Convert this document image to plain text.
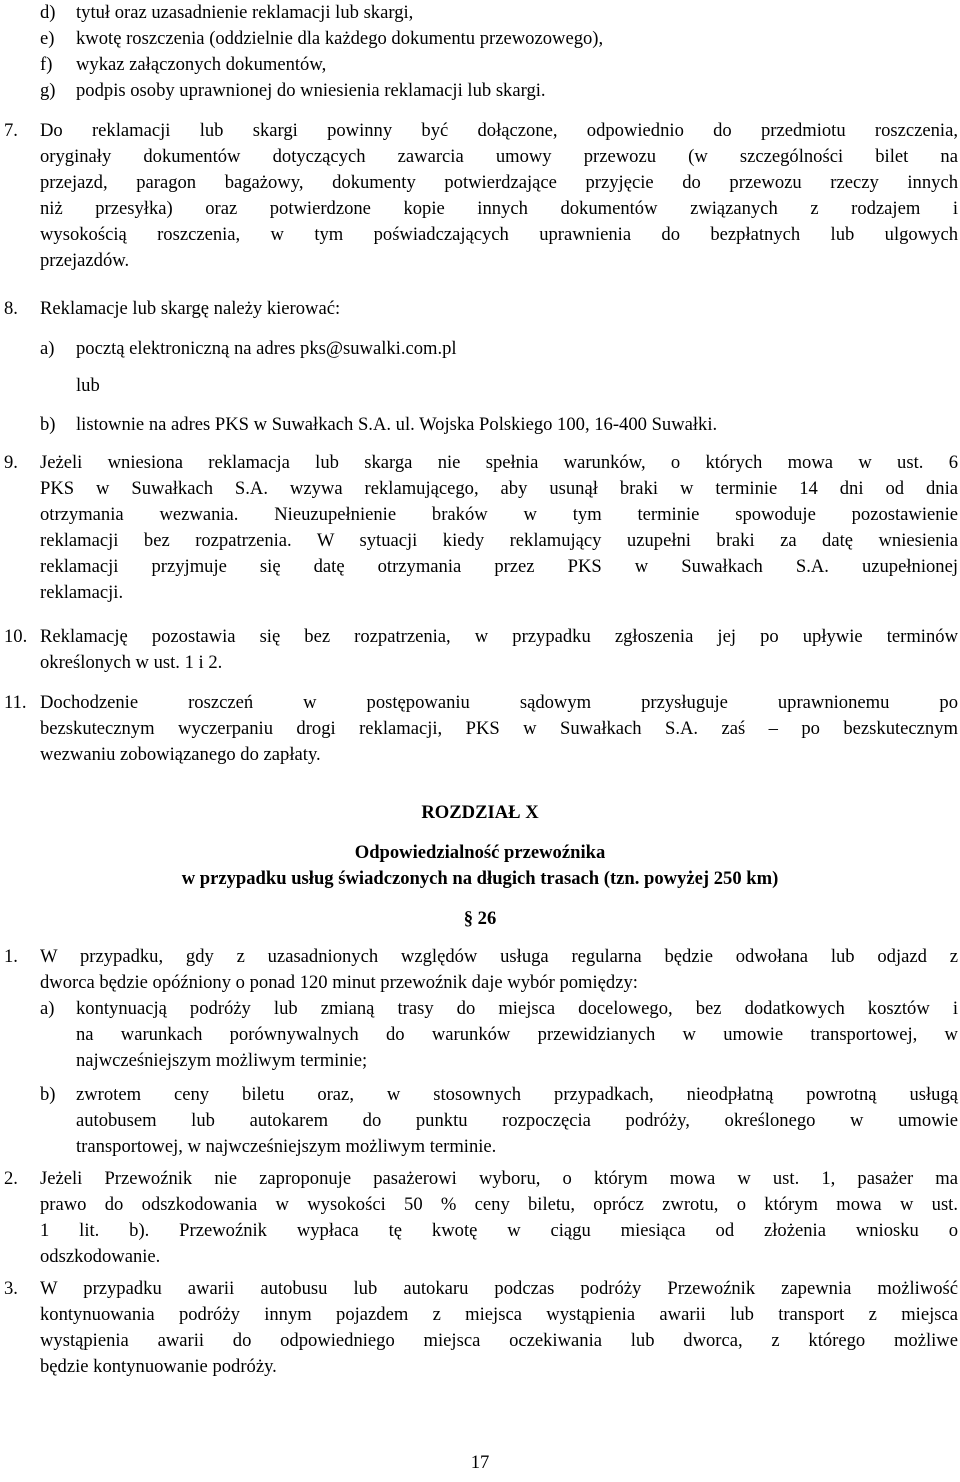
d) tytuł oraz uzasadnienie reklamacji lub skargi,
e) kwotę roszczenia (oddzielnie dla każdego dokumentu przewozowego),
f) wykaz załączonych dokumentów,
g) podpis osoby uprawnionej do wniesienia reklamacji lub skargi.
7. Do reklamacji lub skargi powinny być dołączone, odpowiednio do przedmiotu roszczenia,
oryginały dokumentów dotyczących zawarcia umowy przewozu (w szczególności bilet na
przejazd, paragon bagażowy, dokumenty potwierdzające przyjęcie do przewozu rzeczy innych
niż przesyłka) oraz potwierdzone kopie innych dokumentów związanych z rodzajem i
wysokością roszczenia, w tym poświadczających uprawnienia do bezpłatnych lub ulgowych
przejazdów.
8. Reklamacje lub skargę należy kierować:
a) pocztą elektroniczną na adres pks@suwalki.com.pl
lub
b) listownie na adres PKS w Suwałkach S.A. ul. Wojska Polskiego 100, 16-400 Suwałki.
9. Jeżeli wniesiona reklamacja lub skarga nie spełnia warunków, o których mowa w ust. 6
PKS w Suwałkach S.A. wzywa reklamującego, aby usunął braki w terminie 14 dni od dnia
otrzymania wezwania. Nieuzupełnienie braków w tym terminie spowoduje pozostawienie
reklamacji bez rozpatrzenia. W sytuacji kiedy reklamujący uzupełni braki za datę wniesienia
reklamacji przyjmuje się datę otrzymania przez PKS w Suwałkach S.A. uzupełnionej
reklamacji.
10. Reklamację pozostawia się bez rozpatrzenia, w przypadku zgłoszenia jej po upływie terminów
określonych w ust. 1 i 2.
11. Dochodzenie roszczeń w postępowaniu sądowym przysługuje uprawnionemu po
bezskutecznym wyczerpaniu drogi reklamacji, PKS w Suwałkach S.A. zaś – po bezskutecznym
wezwaniu zobowiązanego do zapłaty.
ROZDZIAŁ X
Odpowiedzialność przewoźnika
w przypadku usług świadczonych na długich trasach (tzn. powyżej 250 km)
§ 26
1. W przypadku, gdy z uzasadnionych względów usługa regularna będzie odwołana lub odjazd z
dworca będzie opóźniony o ponad 120 minut przewoźnik daje wybór pomiędzy:
a) kontynuacją podróży lub zmianą trasy do miejsca docelowego, bez dodatkowych kosztów i
na warunkach porównywalnych do warunków przewidzianych w umowie transportowej, w
najwcześniejszym możliwym terminie;
b) zwrotem ceny biletu oraz, w stosownych przypadkach, nieodpłatną powrotną usługą
autobusem lub autokarem do punktu rozpoczęcia podróży, określonego w umowie
transportowej, w najwcześniejszym możliwym terminie.
2. Jeżeli Przewoźnik nie zaproponuje pasażerowi wyboru, o którym mowa w ust. 1, pasażer ma
prawo do odszkodowania w wysokości 50 % ceny biletu, oprócz zwrotu, o którym mowa w ust.
1 lit. b). Przewoźnik wypłaca tę kwotę w ciągu miesiąca od złożenia wniosku o
odszkodowanie.
3. W przypadku awarii autobusu lub autokaru podczas podróży Przewoźnik zapewnia możliwość
kontynuowania podróży innym pojazdem z miejsca wystąpienia awarii lub transport z miejsca
wystąpienia awarii do odpowiedniego miejsca oczekiwania lub dworca, z którego możliwe
będzie kontynuowanie podróży.
17
